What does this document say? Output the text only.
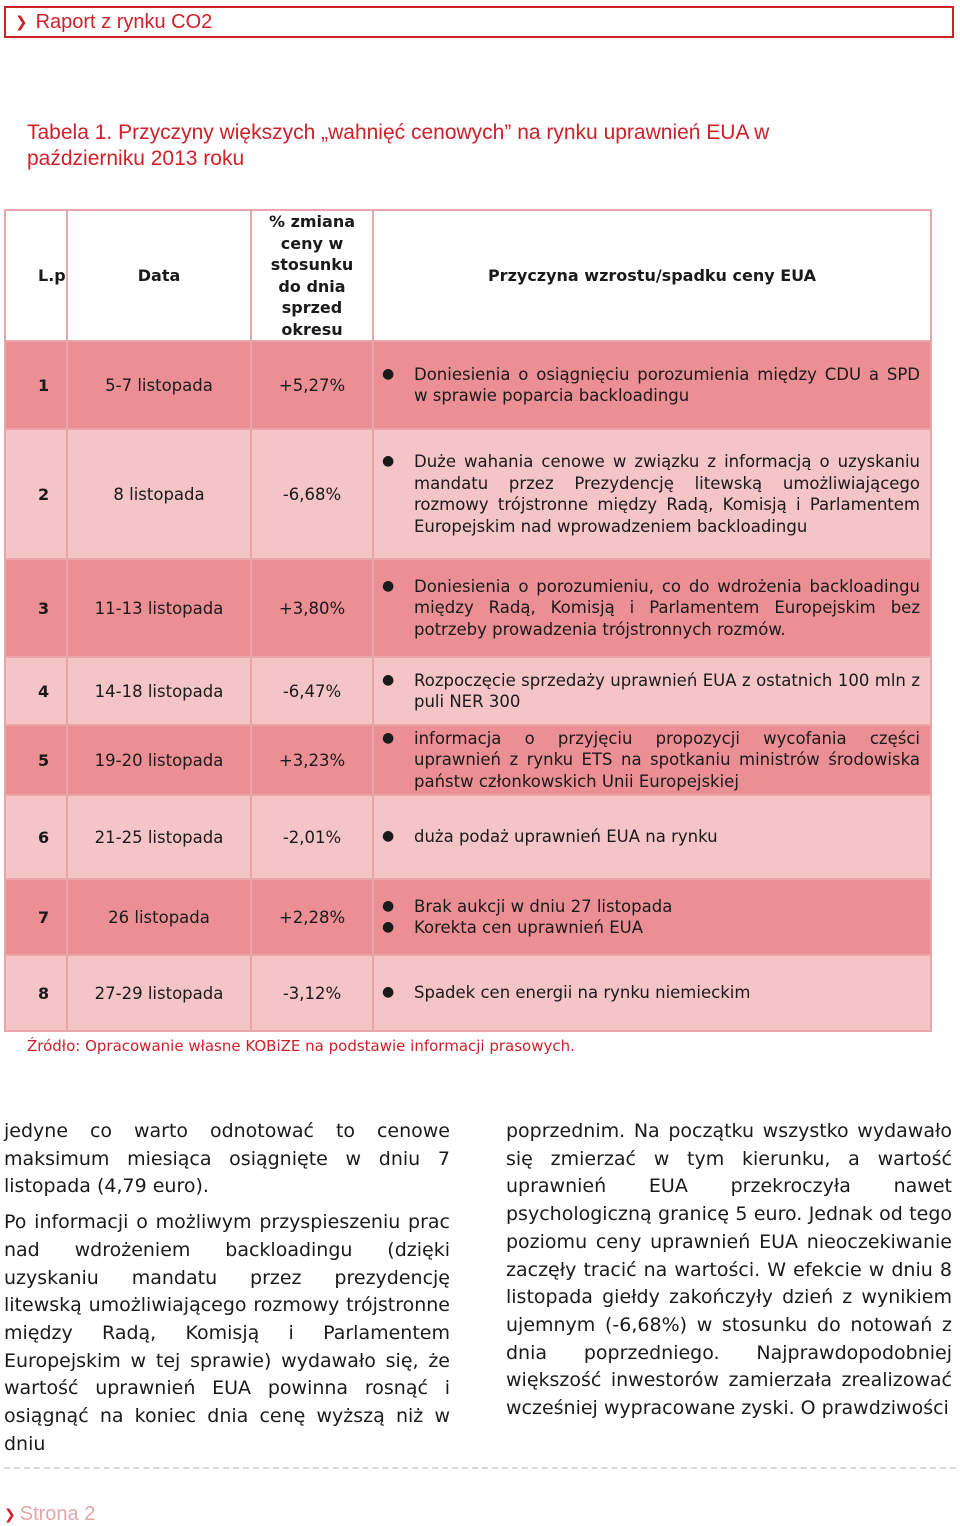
❯ Raport z rynku CO2
Tabela 1. Przyczyny większych „wahnięć cenowych” na rynku uprawnień EUA w październiku 2013 roku
L.p	Data	% zmiana ceny w stosunku do dnia sprzed okresu	Przyczyna wzrostu/spadku ceny EUA
1	5-7 listopada	+5,27%	● Doniesienia o osiągnięciu porozumienia między CDU a SPD w sprawie poparcia backloadingu

2	8 listopada	-6,68%	● Duże wahania cenowe w związku z informacją o uzyskaniu mandatu przez Prezydencję litewską umożliwiającego rozmowy trójstronne między Radą, Komisją i Parlamentem Europejskim nad wprowadzeniem backloadingu

3	11-13 listopada	+3,80%	● Doniesienia o porozumieniu, co do wdrożenia backloadingu między Radą, Komisją i Parlamentem Europejskim bez potrzeby prowadzenia trójstronnych rozmów.

4	14-18 listopada	-6,47%	● Rozpoczęcie sprzedaży uprawnień EUA z ostatnich 100 mln z puli NER 300

5	19-20 listopada	+3,23%	● informacja o przyjęciu propozycji wycofania części uprawnień z rynku ETS na spotkaniu ministrów środowiska państw członkowskich Unii Europejskiej

6	21-25 listopada	-2,01%	● duża podaż uprawnień EUA na rynku

7	26 listopada	+2,28%	● Brak aukcji w dniu 27 listopada
● Korekta cen uprawnień EUA

8	27-29 listopada	-3,12%	● Spadek cen energii na rynku niemieckim
Źródło: Opracowanie własne KOBiZE na podstawie informacji prasowych.

jedyne co warto odnotować to cenowe maksimum miesiąca osiągnięte w dniu 7 listopada (4,79 euro).

Po informacji o możliwym przyspieszeniu prac nad wdrożeniem backloadingu (dzięki uzyskaniu mandatu przez prezydencję litewską umożliwiającego rozmowy trójstronne między Radą, Komisją i Parlamentem Europejskim w tej sprawie) wydawało się, że wartość uprawnień EUA powinna rosnąć i osiągnąć na koniec dnia cenę wyższą niż w dniu

poprzednim. Na początku wszystko wydawało się zmierzać w tym kierunku, a wartość uprawnień EUA przekroczyła nawet psychologiczną granicę 5 euro. Jednak od tego poziomu ceny uprawnień EUA nieoczekiwanie zaczęły tracić na wartości. W efekcie w dniu 8 listopada giełdy zakończyły dzień z wynikiem ujemnym (-6,68%) w stosunku do notowań z dnia poprzedniego. Najprawdopodobniej większość inwestorów zamierzała zrealizować wcześniej wypracowane zyski. O prawdziwości

❯ Strona 2
